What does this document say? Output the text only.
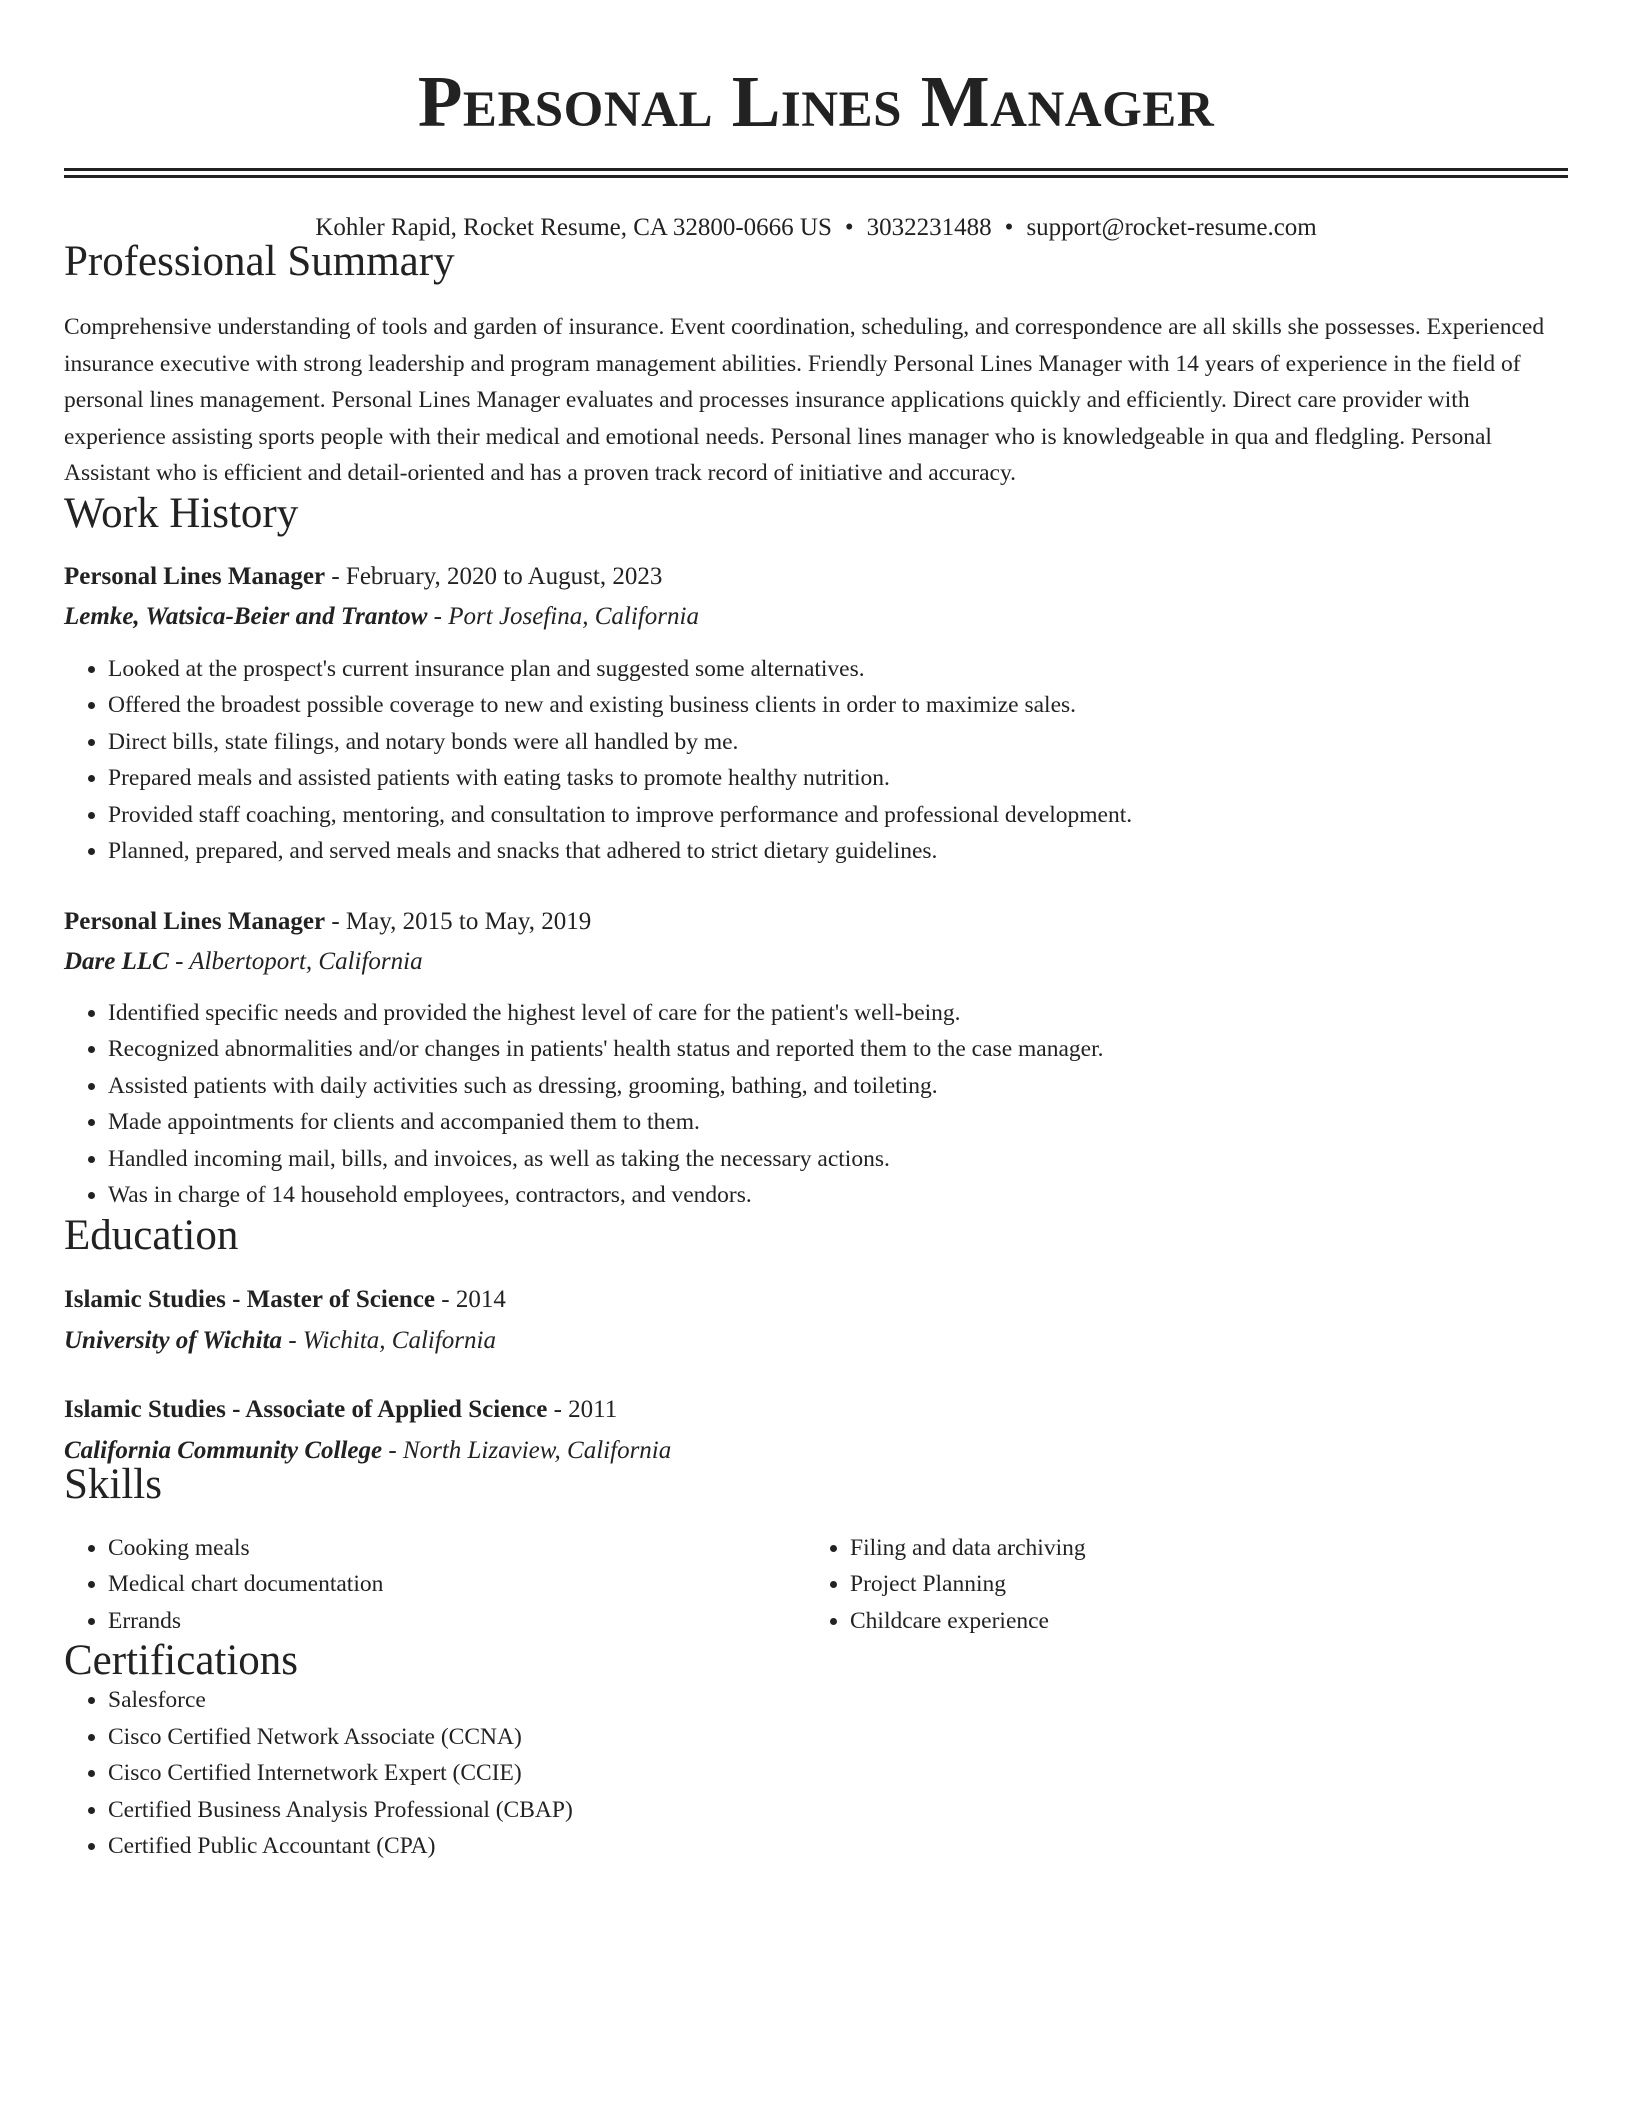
Personal Lines Manager
Kohler Rapid, Rocket Resume, CA 32800-0666 US • 3032231488 • support@rocket-resume.com
Professional Summary
Comprehensive understanding of tools and garden of insurance. Event coordination, scheduling, and correspondence are all skills she possesses. Experienced insurance executive with strong leadership and program management abilities. Friendly Personal Lines Manager with 14 years of experience in the field of personal lines management. Personal Lines Manager evaluates and processes insurance applications quickly and efficiently. Direct care provider with experience assisting sports people with their medical and emotional needs. Personal lines manager who is knowledgeable in qua and fledgling. Personal Assistant who is efficient and detail-oriented and has a proven track record of initiative and accuracy.
Work History
Personal Lines Manager - February, 2020 to August, 2023
Lemke, Watsica-Beier and Trantow - Port Josefina, California
• Looked at the prospect's current insurance plan and suggested some alternatives.
• Offered the broadest possible coverage to new and existing business clients in order to maximize sales.
• Direct bills, state filings, and notary bonds were all handled by me.
• Prepared meals and assisted patients with eating tasks to promote healthy nutrition.
• Provided staff coaching, mentoring, and consultation to improve performance and professional development.
• Planned, prepared, and served meals and snacks that adhered to strict dietary guidelines.
Personal Lines Manager - May, 2015 to May, 2019
Dare LLC - Albertoport, California
• Identified specific needs and provided the highest level of care for the patient's well-being.
• Recognized abnormalities and/or changes in patients' health status and reported them to the case manager.
• Assisted patients with daily activities such as dressing, grooming, bathing, and toileting.
• Made appointments for clients and accompanied them to them.
• Handled incoming mail, bills, and invoices, as well as taking the necessary actions.
• Was in charge of 14 household employees, contractors, and vendors.
Education
Islamic Studies - Master of Science - 2014
University of Wichita - Wichita, California
Islamic Studies - Associate of Applied Science - 2011
California Community College - North Lizaview, California
Skills
• Cooking meals
• Medical chart documentation
• Errands
• Filing and data archiving
• Project Planning
• Childcare experience
Certifications
• Salesforce
• Cisco Certified Network Associate (CCNA)
• Cisco Certified Internetwork Expert (CCIE)
• Certified Business Analysis Professional (CBAP)
• Certified Public Accountant (CPA)
